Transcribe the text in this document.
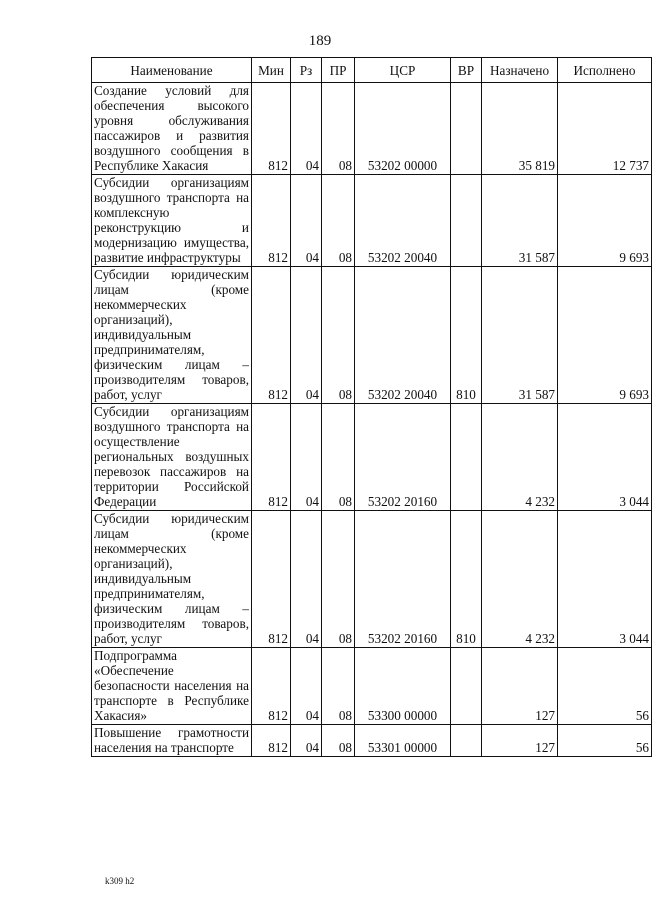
189
Наименование	Мин	Рз	ПР	ЦСР	ВР	Назначено	Исполнено
Создание условий для обеспечения высокого уровня обслуживания пассажиров и развития воздушного сообщения в Республике Хакасия	812	04	08	53202 00000		35 819	12 737
Субсидии организациям воздушного транспорта на комплексную реконструкцию и модернизацию имущества, развитие инфраструктуры	812	04	08	53202 20040		31 587	9 693
Субсидии юридическим лицам (кроме некоммерческих организаций), индивидуальным предпринимателям, физическим лицам – производителям товаров, работ, услуг	812	04	08	53202 20040	810	31 587	9 693
Субсидии организациям воздушного транспорта на осуществление региональных воздушных перевозок пассажиров на территории Российской Федерации	812	04	08	53202 20160		4 232	3 044
Субсидии юридическим лицам (кроме некоммерческих организаций), индивидуальным предпринимателям, физическим лицам – производителям товаров, работ, услуг	812	04	08	53202 20160	810	4 232	3 044
Подпрограмма «Обеспечение безопасности населения на транспорте в Республике Хакасия»	812	04	08	53300 00000		127	56
Повышение грамотности населения на транспорте	812	04	08	53301 00000		127	56
k309 h2
